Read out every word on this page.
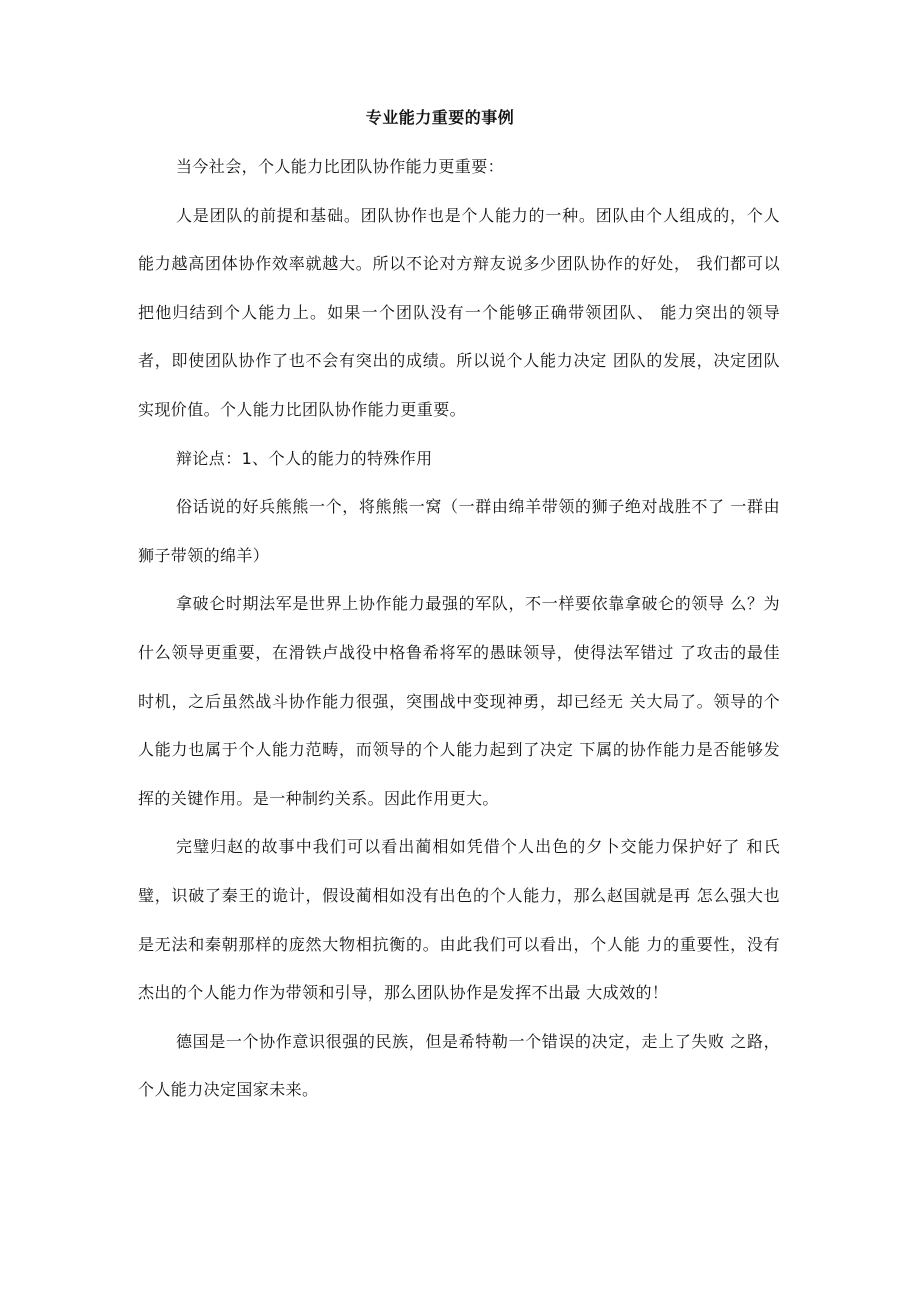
专业能力重要的事例

当今社会，个人能力比团队协作能力更重要：

人是团队的前提和基础。团队协作也是个人能力的一种。团队由个人组成的，个人能力越高团体协作效率就越大。所以不论对方辩友说多少团队协作的好处， 我们都可以把他归结到个人能力上。如果一个团队没有一个能够正确带领团队、 能力突出的领导者，即使团队协作了也不会有突出的成绩。所以说个人能力决定 团队的发展，决定团队实现价值。个人能力比团队协作能力更重要。

辩论点：1、个人的能力的特殊作用

俗话说的好兵熊熊一个，将熊熊一窝（一群由绵羊带领的狮子绝对战胜不了 一群由狮子带领的绵羊）

拿破仑时期法军是世界上协作能力最强的军队，不一样要依靠拿破仑的领导 么？为什么领导更重要，在滑铁卢战役中格鲁希将军的愚昧领导，使得法军错过 了攻击的最佳时机，之后虽然战斗协作能力很强，突围战中变现神勇，却已经无 关大局了。领导的个人能力也属于个人能力范畴，而领导的个人能力起到了决定 下属的协作能力是否能够发挥的关键作用。是一种制约关系。因此作用更大。

完璧归赵的故事中我们可以看出蔺相如凭借个人出色的夕卜交能力保护好了 和氏璧，识破了秦王的诡计，假设蔺相如没有出色的个人能力，那么赵国就是再 怎么强大也是无法和秦朝那样的庞然大物相抗衡的。由此我们可以看出，个人能 力的重要性，没有杰出的个人能力作为带领和引导，那么团队协作是发挥不出最 大成效的！

德国是一个协作意识很强的民族，但是希特勒一个错误的决定，走上了失败 之路，个人能力决定国家未来。
